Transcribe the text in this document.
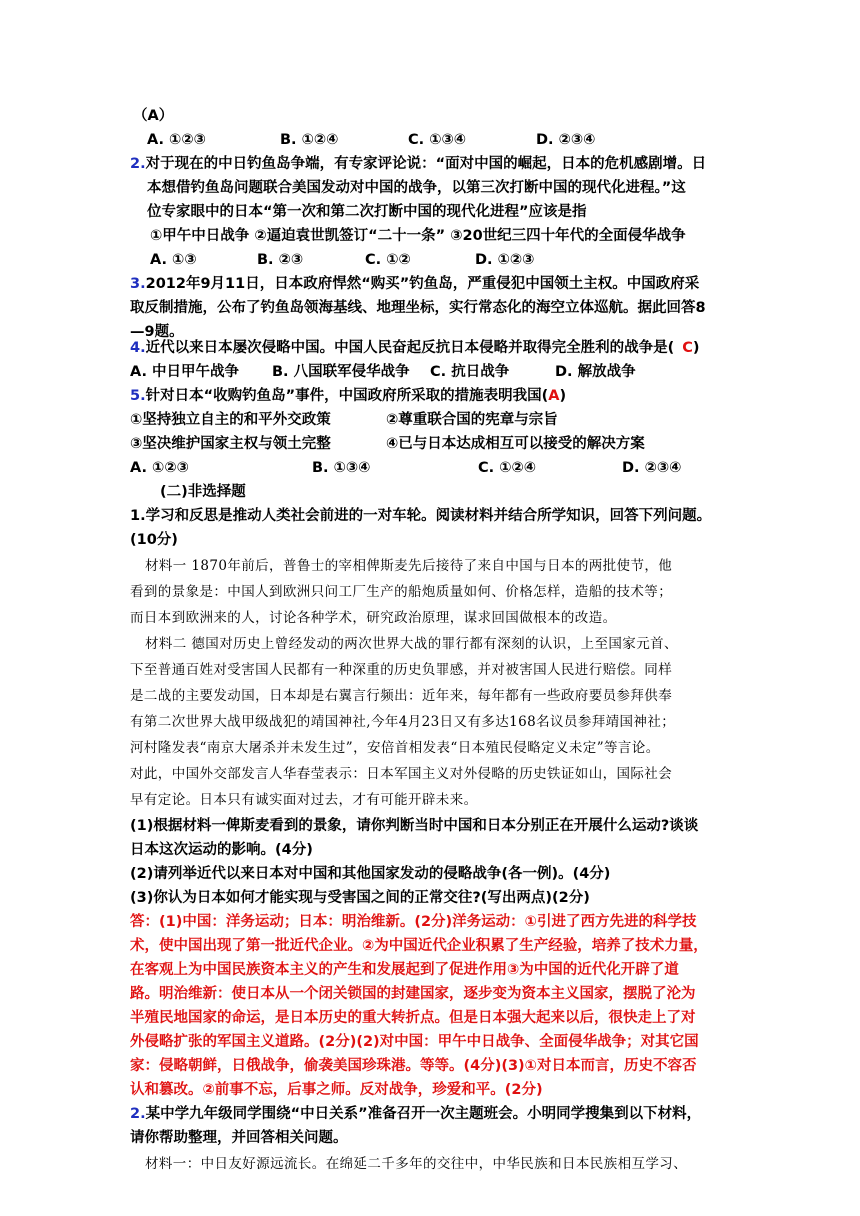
（A）
A. ①②③	B. ①②④	C. ①③④	D. ②③④
2.对于现在的中日钓鱼岛争端，有专家评论说：“面对中国的崛起，日本的危机感剧增。日
本想借钓鱼岛问题联合美国发动对中国的战争，以第三次打断中国的现代化进程。”这
位专家眼中的日本“第一次和第二次打断中国的现代化进程”应该是指
①甲午中日战争 ②逼迫袁世凯签订“二十一条” ③20世纪三四十年代的全面侵华战争
A. ①③	B. ②③	C. ①②	D. ①②③
3.2012年9月11日，日本政府悍然“购买”钓鱼岛，严重侵犯中国领土主权。中国政府采
取反制措施，公布了钓鱼岛领海基线、地理坐标，实行常态化的海空立体巡航。据此回答8
—9题。
4.近代以来日本屡次侵略中国。中国人民奋起反抗日本侵略并取得完全胜利的战争是( C)
A. 中日甲午战争 B. 八国联军侵华战争 C. 抗日战争	D. 解放战争
5.针对日本“收购钓鱼岛”事件，中国政府所采取的措施表明我国(A)
①坚持独立自主的和平外交政策	②尊重联合国的宪章与宗旨
③坚决维护国家主权与领土完整	④已与日本达成相互可以接受的解决方案
A. ①②③	B. ①③④	C. ①②④	D. ②③④
(二)非选择题
1.学习和反思是推动人类社会前进的一对车轮。阅读材料并结合所学知识，回答下列问题。
(10分)
材料一 1870年前后，普鲁士的宰相俾斯麦先后接待了来自中国与日本的两批使节，他
看到的景象是：中国人到欧洲只问工厂生产的船炮质量如何、价格怎样，造船的技术等；
而日本到欧洲来的人，讨论各种学术，研究政治原理，谋求回国做根本的改造。
材料二 德国对历史上曾经发动的两次世界大战的罪行都有深刻的认识，上至国家元首、
下至普通百姓对受害国人民都有一种深重的历史负罪感，并对被害国人民进行赔偿。同样
是二战的主要发动国，日本却是右翼言行频出：近年来，每年都有一些政府要员参拜供奉
有第二次世界大战甲级战犯的靖国神社,今年4月23日又有多达168名议员参拜靖国神社；
河村隆发表“南京大屠杀并未发生过”，安倍首相发表“日本殖民侵略定义未定”等言论。
对此，中国外交部发言人华春莹表示：日本军国主义对外侵略的历史铁证如山，国际社会
早有定论。日本只有诚实面对过去，才有可能开辟未来。
(1)根据材料一俾斯麦看到的景象，请你判断当时中国和日本分别正在开展什么运动?谈谈
日本这次运动的影响。(4分)
(2)请列举近代以来日本对中国和其他国家发动的侵略战争(各一例)。(4分)
(3)你认为日本如何才能实现与受害国之间的正常交往?(写出两点)(2分)
答：(1)中国：洋务运动；日本：明治维新。(2分)洋务运动：①引进了西方先进的科学技
术，使中国出现了第一批近代企业。②为中国近代企业积累了生产经验，培养了技术力量，
在客观上为中国民族资本主义的产生和发展起到了促进作用③为中国的近代化开辟了道
路。明治维新：使日本从一个闭关锁国的封建国家，逐步变为资本主义国家，摆脱了沦为
半殖民地国家的命运，是日本历史的重大转折点。但是日本强大起来以后，很快走上了对
外侵略扩张的军国主义道路。(2分)(2)对中国：甲午中日战争、全面侵华战争；对其它国
家：侵略朝鲜，日俄战争，偷袭美国珍珠港。等等。(4分)(3)①对日本而言，历史不容否
认和篡改。②前事不忘，后事之师。反对战争，珍爱和平。(2分)
2.某中学九年级同学围绕“中日关系”准备召开一次主题班会。小明同学搜集到以下材料，
请你帮助整理，并回答相关问题。
材料一：中日友好源远流长。在绵延二千多年的交往中，中华民族和日本民族相互学习、
